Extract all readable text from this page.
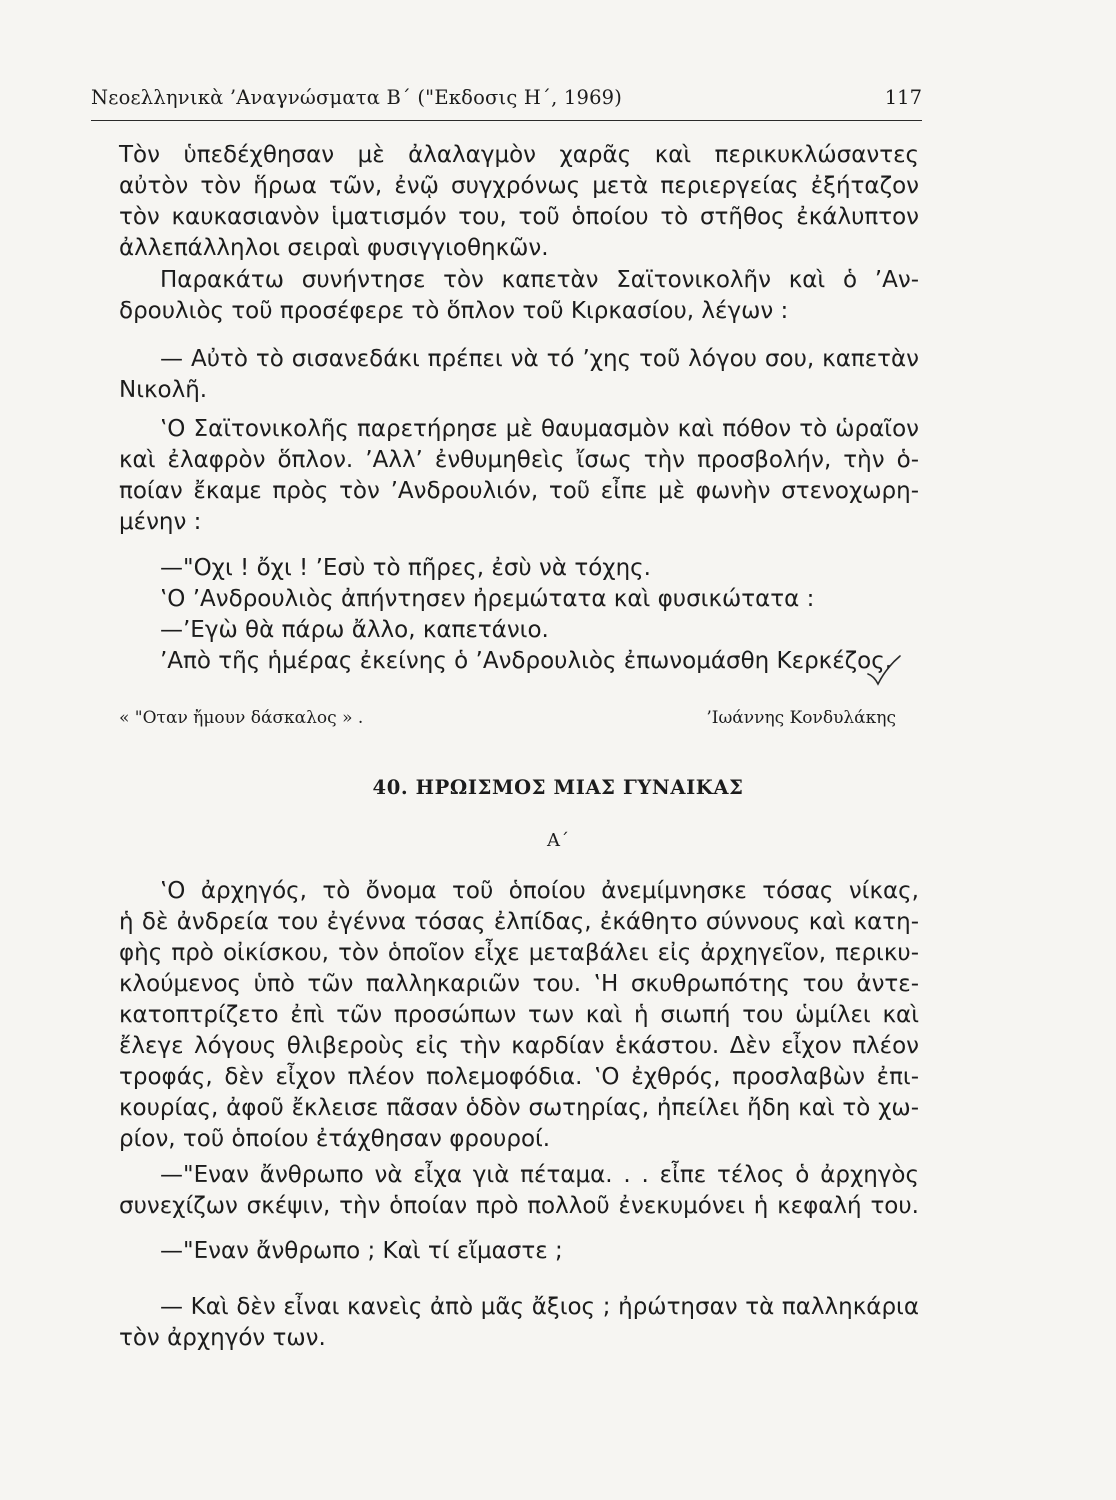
Νεοελληνικὰ ’Αναγνώσματα Β΄ ("Εκδοσις Η΄, 1969)	117

Τὸν ὑπεδέχθησαν μὲ ἀλαλαγμὸν χαρᾶς καὶ περικυκλώσαντες
αὐτὸν τὸν ἥρωα τῶν, ἐνῷ συγχρόνως μετὰ περιεργείας ἐξήταζον
τὸν καυκασιανὸν ἱματισμόν του, τοῦ ὁποίου τὸ στῆθος ἐκάλυπτον
ἀλλεπάλληλοι σειραὶ φυσιγγιοθηκῶν.

Παρακάτω συνήντησε τὸν καπετὰν Σαϊτονικολῆν καὶ ὁ ’Αν-
δρουλιὸς τοῦ προσέφερε τὸ ὅπλον τοῦ Κιρκασίου, λέγων :

— Αὐτὸ τὸ σισανεδάκι πρέπει νὰ τό ’χης τοῦ λόγου σου, καπετὰν
Νικολῆ.

‛Ο Σαϊτονικολῆς παρετήρησε μὲ θαυμασμὸν καὶ πόθον τὸ ὡραῖον
καὶ ἐλαφρὸν ὅπλον. ’Αλλ’ ἐνθυμηθεὶς ἴσως τὴν προσβολήν, τὴν ὁ-
ποίαν ἔκαμε πρὸς τὸν ’Ανδρουλιόν, τοῦ εἶπε μὲ φωνὴν στενοχωρη-
μένην :

—"Οχι ! ὄχι ! ’Εσὺ τὸ πῆρες, ἐσὺ νὰ τόχης.

‛Ο ’Ανδρουλιὸς ἀπήντησεν ἠρεμώτατα καὶ φυσικώτατα :

—’Εγὼ θὰ πάρω ἄλλο, καπετάνιο.

’Απὸ τῆς ἡμέρας ἐκείνης ὁ ’Ανδρουλιὸς ἐπωνομάσθη Κερκέζος.

« "Οταν ἤμουν δάσκαλος » .	’Ιωάννης Κονδυλάκης
40. ΗΡΩΙΣΜΟΣ ΜΙΑΣ ΓΥΝΑΙΚΑΣ
Α΄

‛Ο ἀρχηγός, τὸ ὄνομα τοῦ ὁποίου ἀνεμίμνησκε τόσας νίκας,
ἡ δὲ ἀνδρεία του ἐγέννα τόσας ἐλπίδας, ἐκάθητο σύννους καὶ κατη-
φὴς πρὸ οἰκίσκου, τὸν ὁποῖον εἶχε μεταβάλει εἰς ἀρχηγεῖον, περικυ-
κλούμενος ὑπὸ τῶν παλληκαριῶν του. ‛Η σκυθρωπότης του ἀντε-
κατοπτρίζετο ἐπὶ τῶν προσώπων των καὶ ἡ σιωπή του ὡμίλει καὶ
ἔλεγε λόγους θλιβεροὺς εἰς τὴν καρδίαν ἑκάστου. Δὲν εἶχον πλέον
τροφάς, δὲν εἶχον πλέον πολεμοφόδια. ‛Ο ἐχθρός, προσλαβὼν ἐπι-
κουρίας, ἀφοῦ ἔκλεισε πᾶσαν ὁδὸν σωτηρίας, ἠπείλει ἤδη καὶ τὸ χω-
ρίον, τοῦ ὁποίου ἐτάχθησαν φρουροί.

—"Εναν ἄνθρωπο νὰ εἶχα γιὰ πέταμα. . . εἶπε τέλος ὁ ἀρχηγὸς
συνεχίζων σκέψιν, τὴν ὁποίαν πρὸ πολλοῦ ἐνεκυμόνει ἡ κεφαλή του.

—"Εναν ἄνθρωπο ; Καὶ τί εἴμαστε ;

— Καὶ δὲν εἶναι κανεὶς ἀπὸ μᾶς ἄξιος ; ἠρώτησαν τὰ παλληκάρια
τὸν ἀρχηγόν των.
